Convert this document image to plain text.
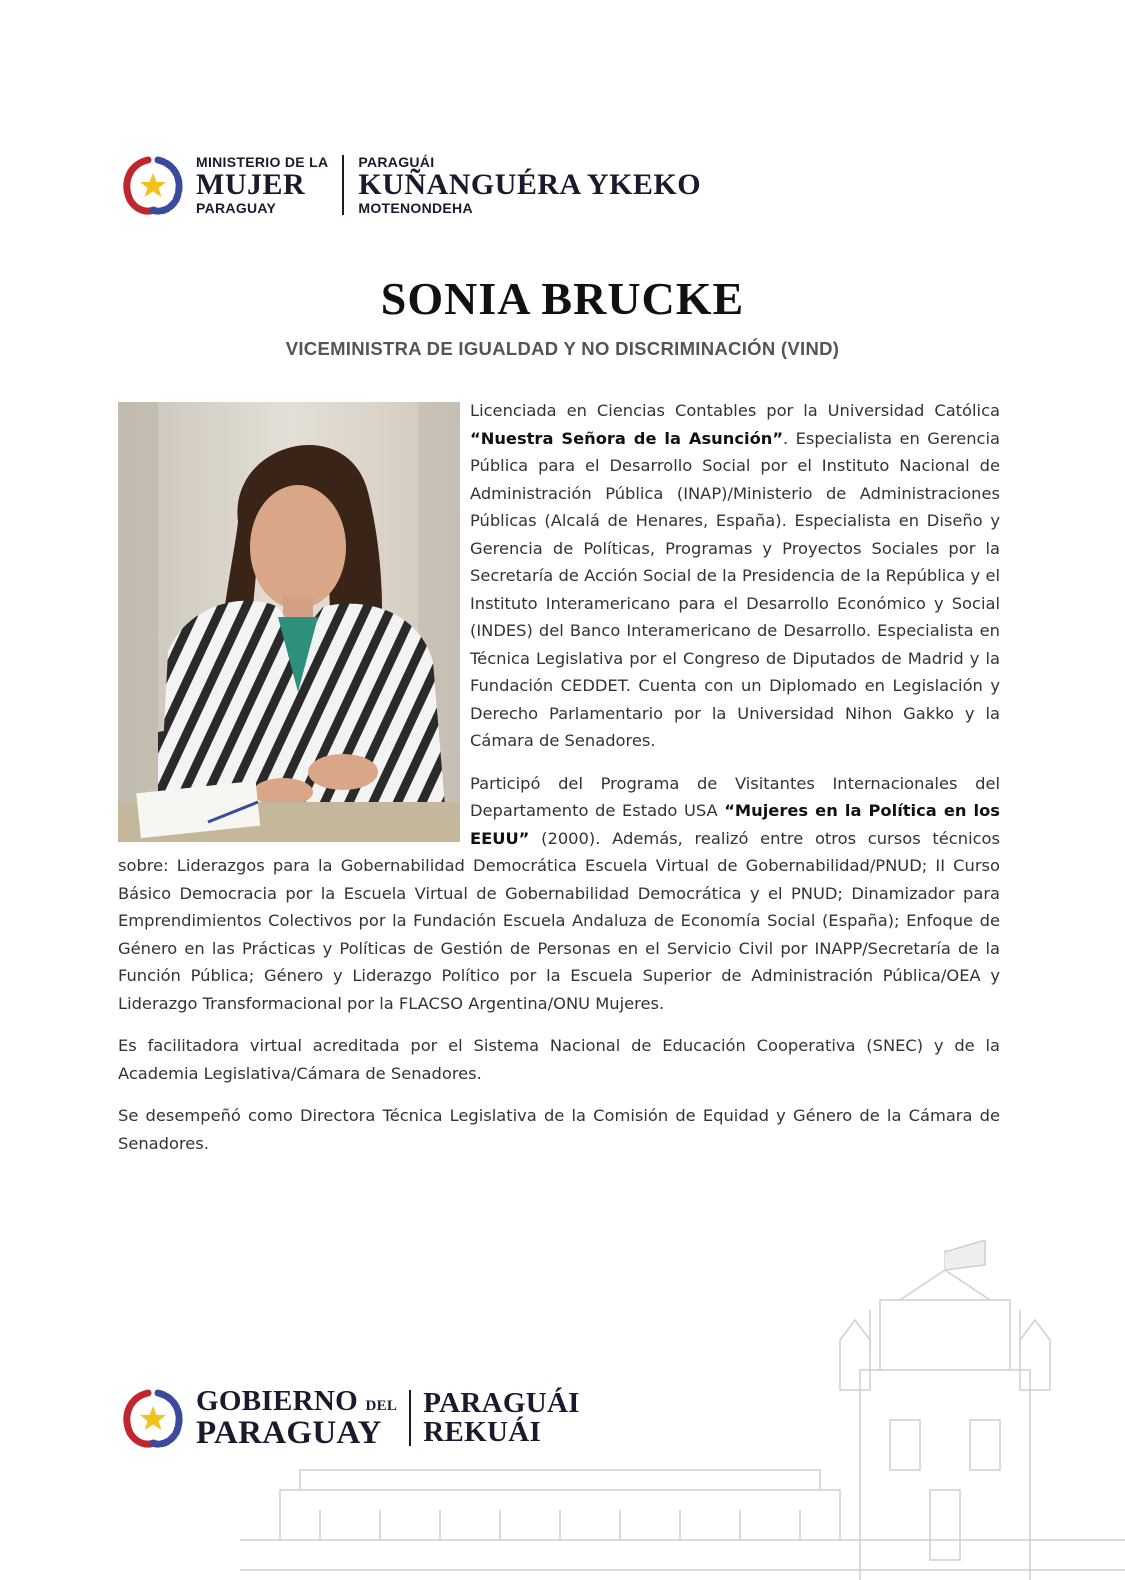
MINISTERIO DE LA
MUJER
PARAGUAY
PARAGUÁI
KUÑANGUÉRA YKEKO
MOTENONDEHA
SONIA BRUCKE
VICEMINISTRA DE IGUALDAD Y NO DISCRIMINACIÓN (VIND)

Licenciada en Ciencias Contables por la Universidad Católica “Nuestra Señora de la Asunción”. Especialista en Gerencia Pública para el Desarrollo Social por el Instituto Nacional de Administración Pública (INAP)/Ministerio de Administraciones Públicas (Alcalá de Henares, España). Especialista en Diseño y Gerencia de Políticas, Programas y Proyectos Sociales por la Secretaría de Acción Social de la Presidencia de la República y el Instituto Interamericano para el Desarrollo Económico y Social (INDES) del Banco Interamericano de Desarrollo. Especialista en Técnica Legislativa por el Congreso de Diputados de Madrid y la Fundación CEDDET. Cuenta con un Diplomado en Legislación y Derecho Parlamentario por la Universidad Nihon Gakko y la Cámara de Senadores.

Participó del Programa de Visitantes Internacionales del Departamento de Estado USA “Mujeres en la Política en los EEUU” (2000). Además, realizó entre otros cursos técnicos sobre: Liderazgos para la Gobernabilidad Democrática Escuela Virtual de Gobernabilidad/PNUD; II Curso Básico Democracia por la Escuela Virtual de Gobernabilidad Democrática y el PNUD; Dinamizador para Emprendimientos Colectivos por la Fundación Escuela Andaluza de Economía Social (España); Enfoque de Género en las Prácticas y Políticas de Gestión de Personas en el Servicio Civil por INAPP/Secretaría de la Función Pública; Género y Liderazgo Político por la Escuela Superior de Administración Pública/OEA y Liderazgo Transformacional por la FLACSO Argentina/ONU Mujeres.

Es facilitadora virtual acreditada por el Sistema Nacional de Educación Cooperativa (SNEC) y de la Academia Legislativa/Cámara de Senadores.

Se desempeñó como Directora Técnica Legislativa de la Comisión de Equidad y Género de la Cámara de Senadores.

GOBIERNO DEL
PARAGUAY
PARAGUÁI
REKUÁI
